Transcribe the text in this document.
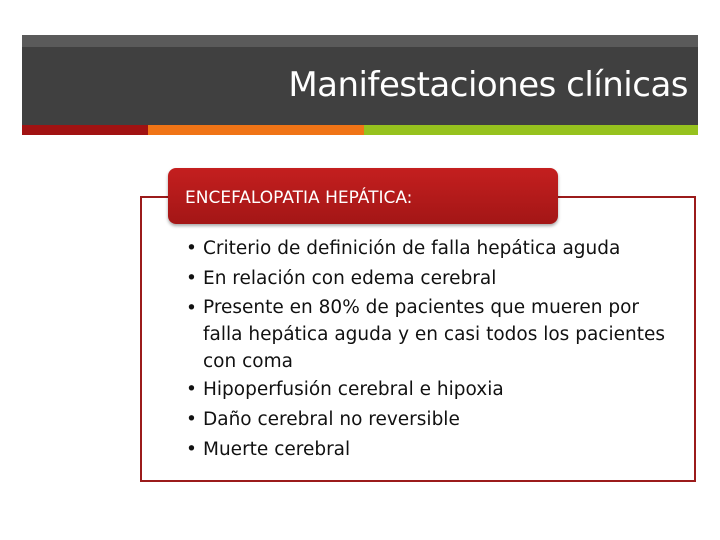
Manifestaciones clínicas
ENCEFALOPATIA HEPÁTICA:
• Criterio de definición de falla hepática aguda
• En relación con edema cerebral
• Presente en 80% de pacientes que mueren por falla hepática aguda y en casi todos los pacientes con coma
• Hipoperfusión cerebral e hipoxia
• Daño cerebral no reversible
• Muerte cerebral
